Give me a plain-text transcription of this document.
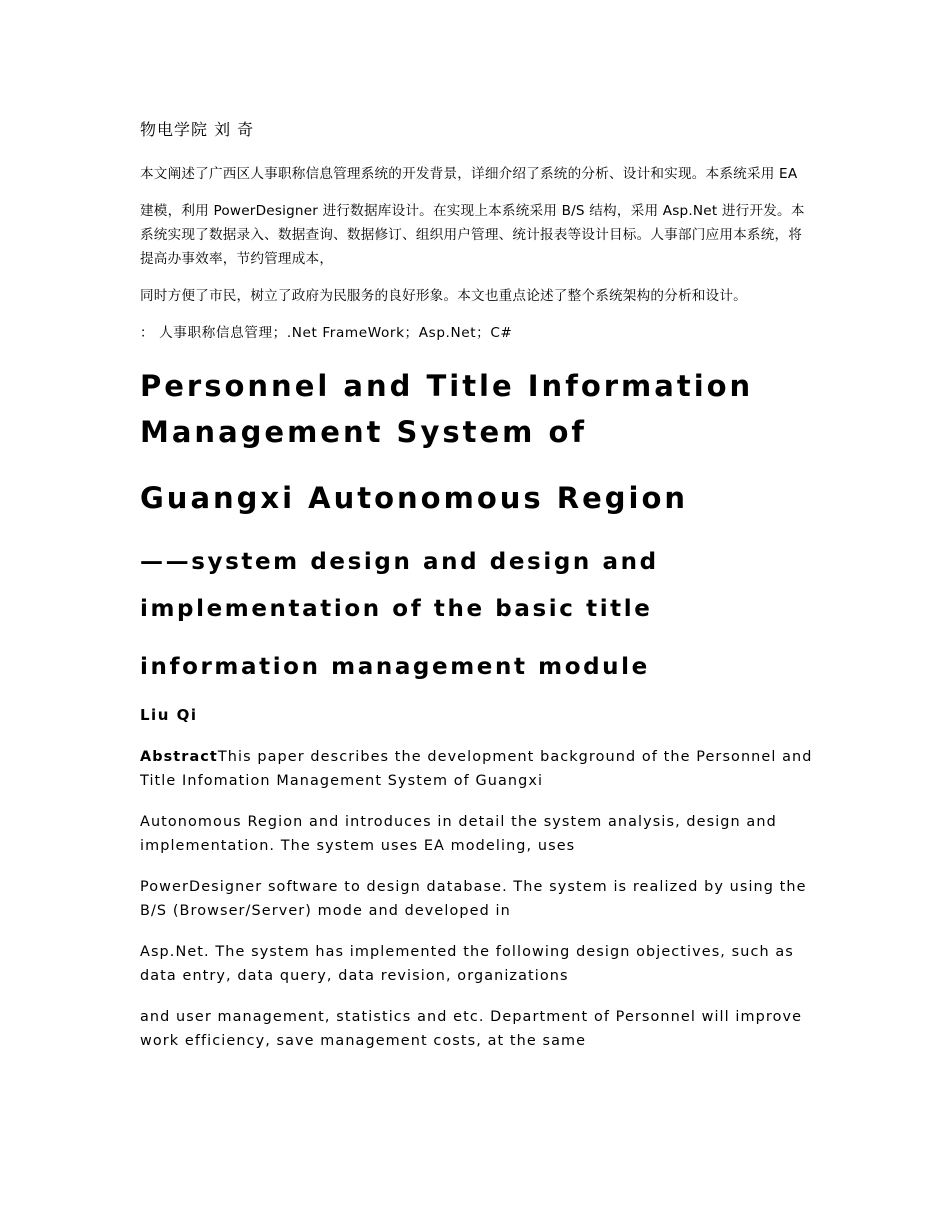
物电学院 刘 奇

本文阐述了广西区人事职称信息管理系统的开发背景，详细介绍了系统的分析、设计和实现。本系统采用 EA

建模，利用 PowerDesigner 进行数据库设计。在实现上本系统采用 B/S 结构，采用 Asp.Net 进行开发。本系统实现了数据录入、数据查询、数据修订、组织用户管理、统计报表等设计目标。人事部门应用本系统，将提高办事效率，节约管理成本，

同时方便了市民，树立了政府为民服务的良好形象。本文也重点论述了整个系统架构的分析和设计。

： 人事职称信息管理；.Net FrameWork；Asp.Net；C#

Personnel and Title Information Management System of
Guangxi Autonomous Region
——system design and design and implementation of the basic title
information management module

Liu Qi

AbstractThis paper describes the development background of the Personnel and Title Infomation Management System of Guangxi

Autonomous Region and introduces in detail the system analysis, design and implementation. The system uses EA modeling, uses

PowerDesigner software to design database. The system is realized by using the B/S (Browser/Server) mode and developed in

Asp.Net. The system has implemented the following design objectives, such as data entry, data query, data revision, organizations

and user management, statistics and etc. Department of Personnel will improve work efficiency, save management costs, at the same
